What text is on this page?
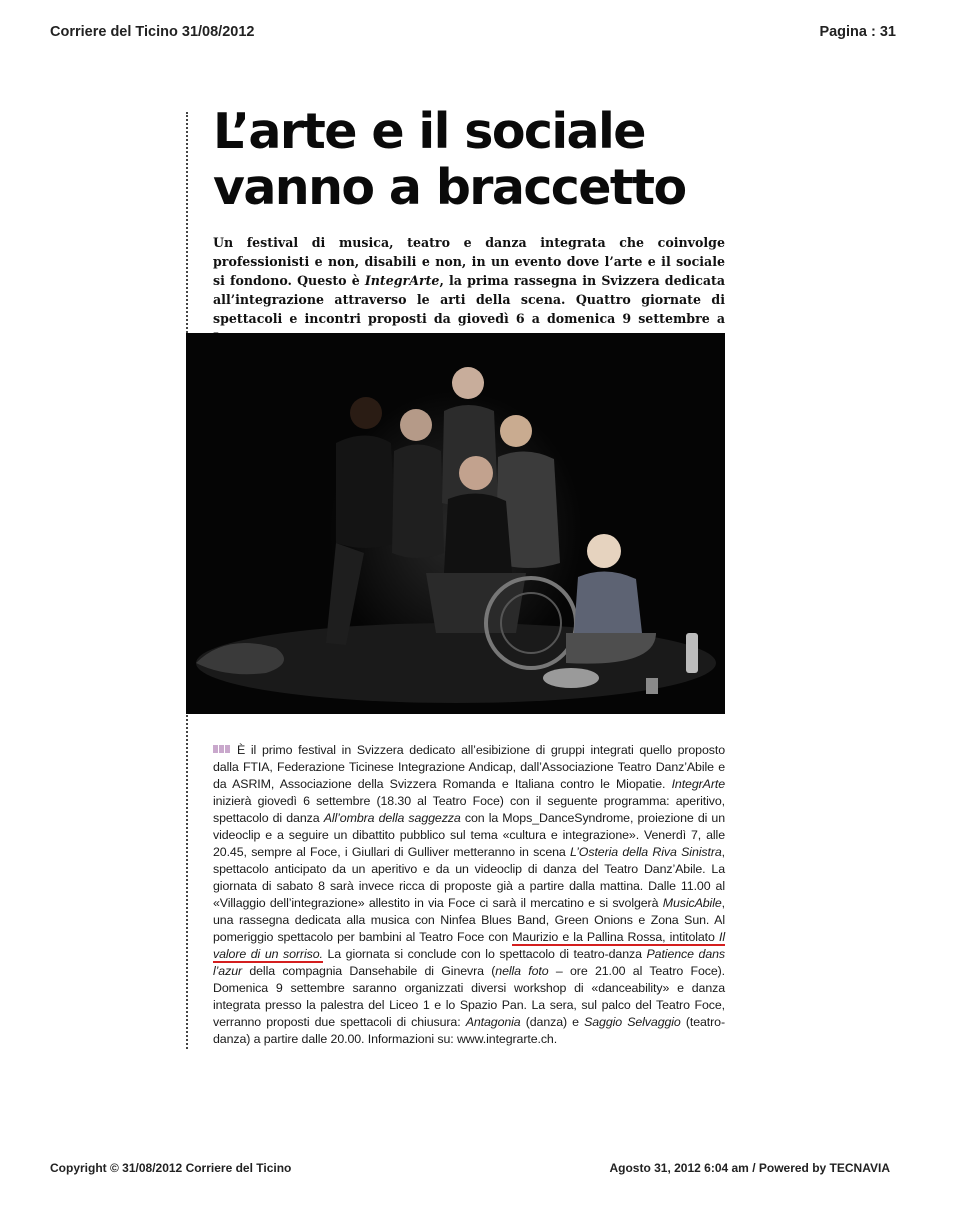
Corriere del Ticino 31/08/2012	Pagina : 31
L’arte e il sociale
vanno a braccetto
Un festival di musica, teatro e danza integrata che coinvolge professionisti e non, disabili e non, in un evento dove l’arte e il sociale si fondono. Questo è IntegrArte, la prima rassegna in Svizzera dedicata all’integrazione attraverso le arti della scena. Quattro giornate di spettacoli e incontri proposti da giovedì 6 a domenica 9 settembre a
È il primo festival in Svizzera dedicato all’esibizione di gruppi integrati quello proposto dalla FTIA, Federazione Ticinese Integrazione Andicap, dall’Associazione Teatro Danz’Abile e da ASRIM, Associazione della Svizzera Romanda e Italiana contro le Miopatie. IntegrArte inizierà giovedì 6 settembre (18.30 al Teatro Foce) con il seguente programma: aperitivo, spettacolo di danza All’ombra della saggezza con la Mops_DanceSyndrome, proiezione di un videoclip e a seguire un dibattito pubblico sul tema «cultura e integrazione». Venerdì 7, alle 20.45, sempre al Foce, i Giullari di Gulliver metteranno in scena L’Osteria della Riva Sinistra, spettacolo anticipato da un aperitivo e da un videoclip di danza del Teatro Danz’Abile. La giornata di sabato 8 sarà invece ricca di proposte già a partire dalla mattina. Dalle 11.00 al «Villaggio dell’integrazione» allestito in via Foce ci sarà il mercatino e si svolgerà MusicAbile, una rassegna dedicata alla musica con Ninfea Blues Band, Green Onions e Zona Sun. Al pomeriggio spettacolo per bambini al Teatro Foce con Maurizio e la Pallina Rossa, intitolato Il valore di un sorriso. La giornata si conclude con lo spettacolo di teatro-danza Patience dans l’azur della compagnia Dansehabile di Ginevra (nella foto – ore 21.00 al Teatro Foce). Domenica 9 settembre saranno organizzati diversi workshop di «danceability» e danza integrata presso la palestra del Liceo 1 e lo Spazio Pan. La sera, sul palco del Teatro Foce, verranno proposti due spettacoli di chiusura: Antagonia (danza) e Saggio Selvaggio (teatro-danza) a partire dalle 20.00. Informazioni su: www.integrarte.ch.
Copyright © 31/08/2012 Corriere del Ticino	Agosto 31, 2012 6:04 am / Powered by TECNAVIA
